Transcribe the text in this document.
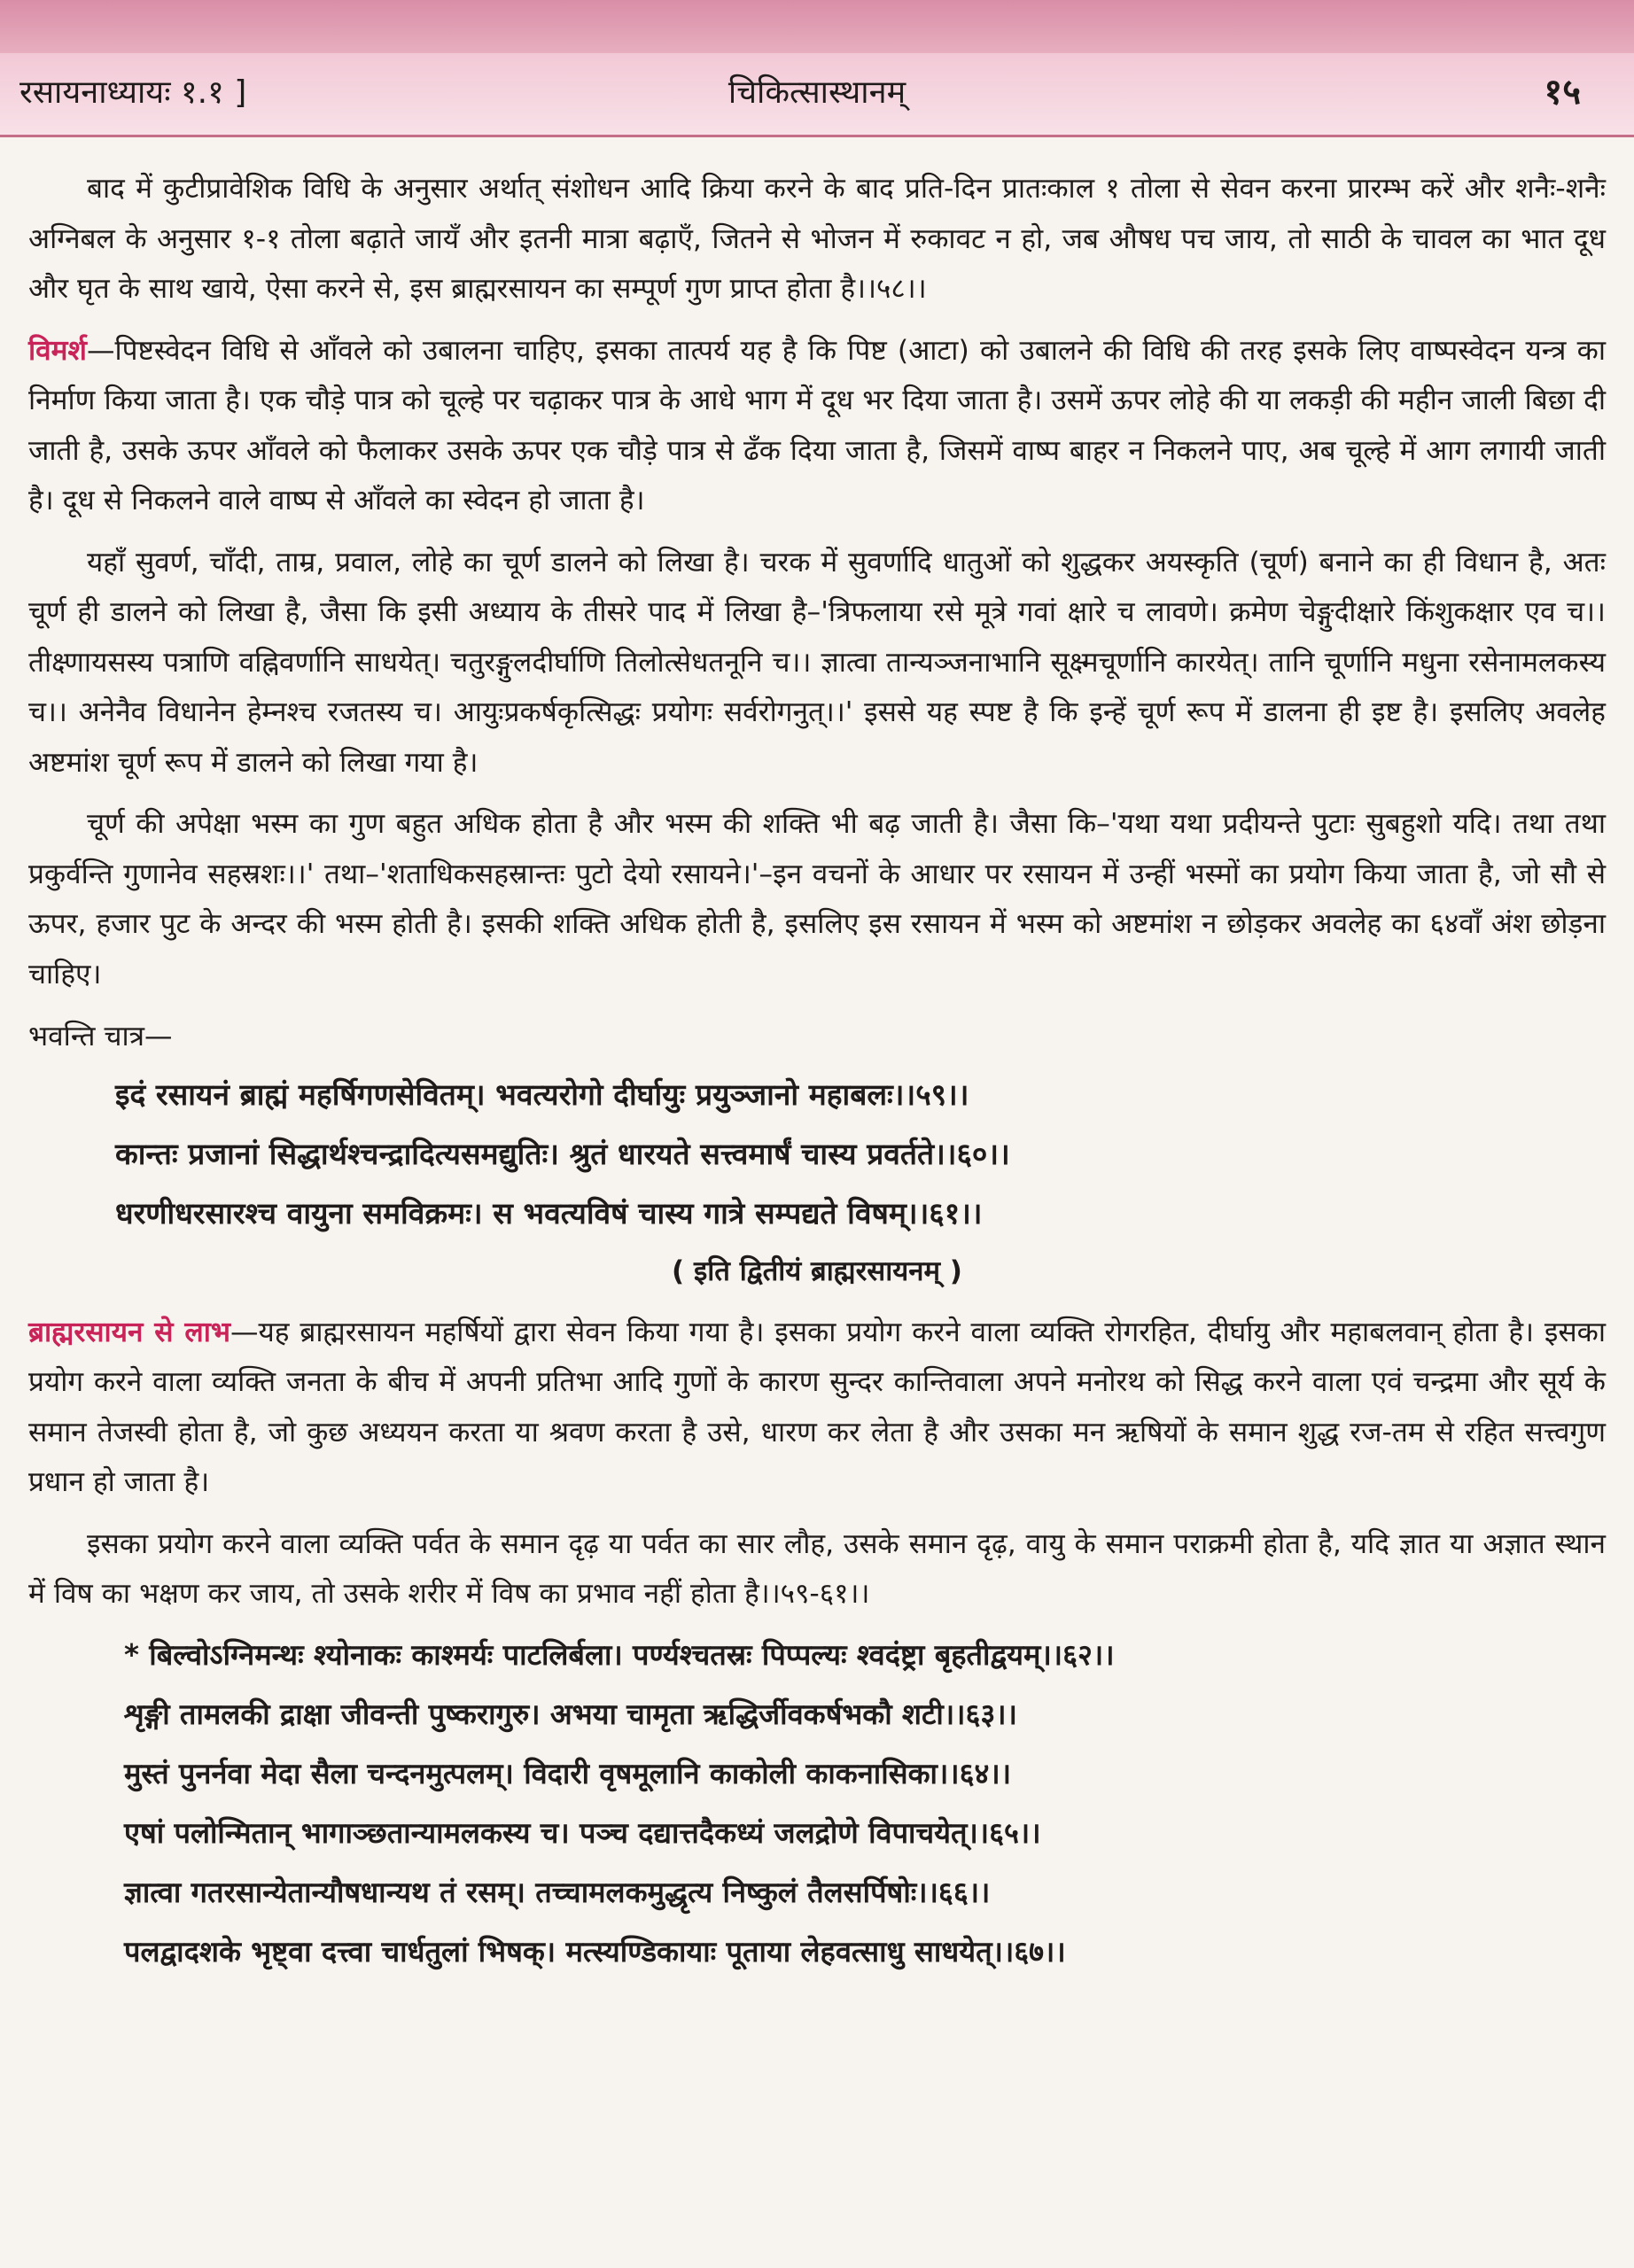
रसायनाध्यायः १.१ ]	चिकित्सास्थानम्	१५

बाद में कुटीप्रावेशिक विधि के अनुसार अर्थात् संशोधन आदि क्रिया करने के बाद प्रति-दिन प्रातःकाल १ तोला से सेवन करना प्रारम्भ करें और शनैः-शनैः अग्निबल के अनुसार १-१ तोला बढ़ाते जायँ और इतनी मात्रा बढ़ाएँ, जितने से भोजन में रुकावट न हो, जब औषध पच जाय, तो साठी के चावल का भात दूध और घृत के साथ खाये, ऐसा करने से, इस ब्राह्मरसायन का सम्पूर्ण गुण प्राप्त होता है।।५८।।

विमर्श—पिष्टस्वेदन विधि से आँवले को उबालना चाहिए, इसका तात्पर्य यह है कि पिष्ट (आटा) को उबालने की विधि की तरह इसके लिए वाष्पस्वेदन यन्त्र का निर्माण किया जाता है। एक चौड़े पात्र को चूल्हे पर चढ़ाकर पात्र के आधे भाग में दूध भर दिया जाता है। उसमें ऊपर लोहे की या लकड़ी की महीन जाली बिछा दी जाती है, उसके ऊपर आँवले को फैलाकर उसके ऊपर एक चौड़े पात्र से ढँक दिया जाता है, जिसमें वाष्प बाहर न निकलने पाए, अब चूल्हे में आग लगायी जाती है। दूध से निकलने वाले वाष्प से आँवले का स्वेदन हो जाता है।

यहाँ सुवर्ण, चाँदी, ताम्र, प्रवाल, लोहे का चूर्ण डालने को लिखा है। चरक में सुवर्णादि धातुओं को शुद्धकर अयस्कृति (चूर्ण) बनाने का ही विधान है, अतः चूर्ण ही डालने को लिखा है, जैसा कि इसी अध्याय के तीसरे पाद में लिखा है–'त्रिफलाया रसे मूत्रे गवां क्षारे च लावणे। क्रमेण चेङ्गुदीक्षारे किंशुकक्षार एव च।। तीक्ष्णायसस्य पत्राणि वह्निवर्णानि साधयेत्। चतुरङ्गुलदीर्घाणि तिलोत्सेधतनूनि च।। ज्ञात्वा तान्यञ्जनाभानि सूक्ष्मचूर्णानि कारयेत्। तानि चूर्णानि मधुना रसेनामलकस्य च।। अनेनैव विधानेन हेम्नश्च रजतस्य च। आयुःप्रकर्षकृत्सिद्धः प्रयोगः सर्वरोगनुत्।।' इससे यह स्पष्ट है कि इन्हें चूर्ण रूप में डालना ही इष्ट है। इसलिए अवलेह अष्टमांश चूर्ण रूप में डालने को लिखा गया है।

चूर्ण की अपेक्षा भस्म का गुण बहुत अधिक होता है और भस्म की शक्ति भी बढ़ जाती है। जैसा कि–'यथा यथा प्रदीयन्ते पुटाः सुबहुशो यदि। तथा तथा प्रकुर्वन्ति गुणानेव सहस्रशः।।' तथा–'शताधिकसहस्रान्तः पुटो देयो रसायने।'–इन वचनों के आधार पर रसायन में उन्हीं भस्मों का प्रयोग किया जाता है, जो सौ से ऊपर, हजार पुट के अन्दर की भस्म होती है। इसकी शक्ति अधिक होती है, इसलिए इस रसायन में भस्म को अष्टमांश न छोड़कर अवलेह का ६४वाँ अंश छोड़ना चाहिए।

भवन्ति चात्र—

इदं रसायनं ब्राह्मं महर्षिगणसेवितम्। भवत्यरोगो दीर्घायुः प्रयुञ्जानो महाबलः।।५९।।

कान्तः प्रजानां सिद्धार्थश्चन्द्रादित्यसमद्युतिः। श्रुतं धारयते सत्त्वमार्षं चास्य प्रवर्तते।।६०।।

धरणीधरसारश्च वायुना समविक्रमः। स भवत्यविषं चास्य गात्रे सम्पद्यते विषम्।।६१।।

( इति द्वितीयं ब्राह्मरसायनम् )

ब्राह्मरसायन से लाभ—यह ब्राह्मरसायन महर्षियों द्वारा सेवन किया गया है। इसका प्रयोग करने वाला व्यक्ति रोगरहित, दीर्घायु और महाबलवान् होता है। इसका प्रयोग करने वाला व्यक्ति जनता के बीच में अपनी प्रतिभा आदि गुणों के कारण सुन्दर कान्तिवाला अपने मनोरथ को सिद्ध करने वाला एवं चन्द्रमा और सूर्य के समान तेजस्वी होता है, जो कुछ अध्ययन करता या श्रवण करता है उसे, धारण कर लेता है और उसका मन ऋषियों के समान शुद्ध रज-तम से रहित सत्त्वगुण प्रधान हो जाता है।

इसका प्रयोग करने वाला व्यक्ति पर्वत के समान दृढ़ या पर्वत का सार लौह, उसके समान दृढ़, वायु के समान पराक्रमी होता है, यदि ज्ञात या अज्ञात स्थान में विष का भक्षण कर जाय, तो उसके शरीर में विष का प्रभाव नहीं होता है।।५९-६१।।

* बिल्वोऽग्निमन्थः श्योनाकः काश्मर्यः पाटलिर्बला। पर्ण्यश्चतस्रः पिप्पल्यः श्वदंष्ट्रा बृहतीद्वयम्।।६२।।

शृङ्गी तामलकी द्राक्षा जीवन्ती पुष्करागुरु। अभया चामृता ऋद्धिर्जीवकर्षभकौ शटी।।६३।।

मुस्तं पुनर्नवा मेदा सैला चन्दनमुत्पलम्। विदारी वृषमूलानि काकोली काकनासिका।।६४।।

एषां पलोन्मितान् भागाञ्छतान्यामलकस्य च। पञ्च दद्यात्तदैकध्यं जलद्रोणे विपाचयेत्।।६५।।

ज्ञात्वा गतरसान्येतान्यौषधान्यथ तं रसम्। तच्चामलकमुद्धृत्य निष्कुलं तैलसर्पिषोः।।६६।।

पलद्वादशके भृष्ट्वा दत्त्वा चार्धतुलां भिषक्। मत्स्यण्डिकायाः पूताया लेहवत्साधु साधयेत्।।६७।।
